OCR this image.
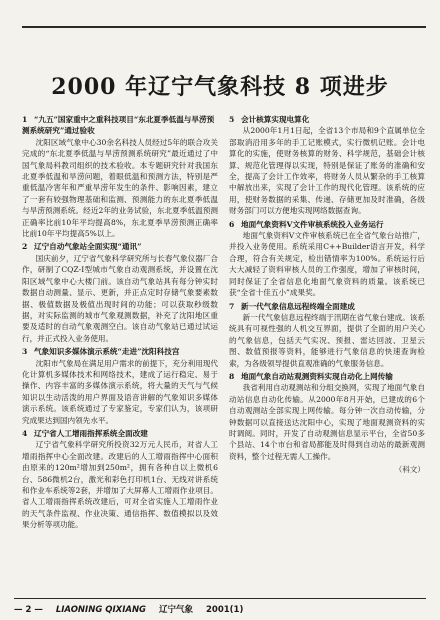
2000 年辽宁气象科技 8 项进步
1 “九五”国家重中之重科技项目“东北夏季低温与旱涝预测系统研究”通过验收
沈阳区域气象中心30余名科技人员经过5年的联合攻关完成的“东北夏季低温与旱涝预测系统研究”最近通过了中国气象局科教司组织的技术验收。本专题研究针对我国东北夏季低温和旱涝问题，着眼低温和预测方法，特别是严重低温冷害年和严重旱涝年发生的条件、影响因素，建立了一套有较强物理基础和监测、预测能力的东北夏季低温与旱涝预测系统。经近2年的业务试验，东北夏季低温预测正确率比前10年平均提高8%，东北夏季旱涝预测正确率比前10年平均提高5%以上。
2 辽宁自动气象站全面实现“通讯”
国庆前夕，辽宁省气象科学研究所与长春气象仪器厂合作，研制了CQZ-I型城市气象自动观测系统，并设置在沈阳区域气象中心大楼门前。该自动气象站具有每分钟实时数据自动测量、显示、更新，并正点定时存储气象要素数据、极值数据及极值出现时间的功能；可以获取秒级数据，对实际监测的城市气象观测数据，补充了沈阳地区重要及适时的自动气象观测空白。该自动气象站已通过试运行，并正式投入业务使用。
3 气象知识多媒体演示系统“走进”沈阳科技宫
沈阳市气象局在满足用户需求的前提下，充分利用现代化计算机多媒体技术和网络技术，建成了运行稳定、易于操作、内容丰富的多媒体演示系统，将大量的天气与气候知识以生动活泼的用户界面及语音讲解的气象知识多媒体演示系统。该系统通过了专家鉴定，专家们认为，该项研究成果达到国内领先水平。
4 辽宁省人工增雨指挥系统全面改建
辽宁省气象科学研究所投资32万元人民币，对省人工增雨指挥中心全面改建。改建后的人工增雨指挥中心面积由原来的120m²增加到250m²，拥有各种自以上微机6台、586微机2台，激光和彩色打印机1台、无线对讲系统和作业车系统等2套，并增加了大屏幕人工增雨作业项目。省人工增雨指挥系统改建后，可对全省实施人工增雨作业的天气条件监视、作业决策、通信指挥、数值模拟以及效果分析等项功能。
5 会计核算实现电算化
从2000年1月1日起，全省13个市局和9个直属单位全部取消沿用多年的手工记账模式，实行微机记账。会计电算化的实施，使财务核算的财务、科学规范，基础会计核算、规范化管理得以实现，特别是保证了账务的准确和安全，提高了会计工作效率，将财务人员从繁杂的手工核算中解放出来，实现了会计工作的现代化管理。该系统的应用，使财务数据的采集、传递、存储更加及时准确，各级财务部门可以方便地实现网络数据查询。
6 地面气象资料V文件审核系统投入业务运行
地面气象资料V文件审核系统已在全省气象台站推广，并投入业务使用。系统采用C++Builder语言开发，科学合理，符合有关规定，检出错情率为100%。系统运行后大大减轻了资料审核人员的工作强度，增加了审核时间，同时保证了全省信息化地面气象资料的质量。该系统已获“全省十佳五小”成果奖。
7 新一代气象信息远程终端全面建成
新一代气象信息远程终端于汛期在省气象台建成。该系统具有可视性强的人机交互界面，提供了全面的用户关心的气象信息，包括天气实况、预报、雷达回波、卫星云图、数值预报等资料，能够进行气象信息的快速查询检索，为各级领导提供直观准确的气象服务信息。
8 地面气象自动站观测资料实现自动化上网传输
我省利用自动观测站和分组交换网，实现了地面气象自动站信息自动化传输。从2000年8月开始，已建成的6个自动观测站全部实现上网传输。每分钟一次自动传输，分钟数据可以直接送达沈阳中心，实现了地面观测资料的实时调阅。同时，开发了自动观测信息显示平台，全省50多个县站、14个市台和省局都能及时得到自动站的最新观测资料，整个过程无需人工操作。
（科文）
— 2 — LIAONING QIXIANG 辽宁气象 2001(1)
